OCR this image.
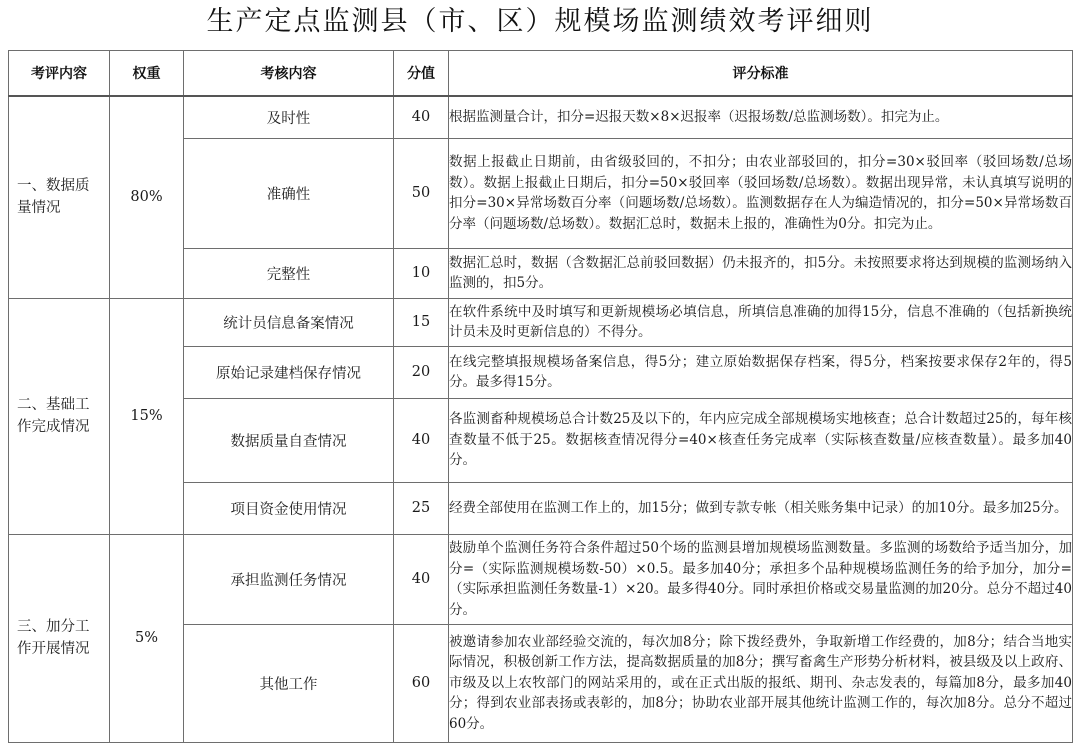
生产定点监测县（市、区）规模场监测绩效考评细则
考评内容	权重	考核内容	分值	评分标准
一、数据质量情况	80%	及时性	40	根据监测量合计，扣分=迟报天数×8×迟报率（迟报场数/总监测场数）。扣完为止。
		准确性	50	数据上报截止日期前，由省级驳回的，不扣分；由农业部驳回的，扣分=30×驳回率（驳回场数/总场数）。数据上报截止日期后，扣分=50×驳回率（驳回场数/总场数）。数据出现异常，未认真填写说明的扣分=30×异常场数百分率（问题场数/总场数）。监测数据存在人为编造情况的，扣分=50×异常场数百分率（问题场数/总场数）。数据汇总时，数据未上报的，准确性为0分。扣完为止。
		完整性	10	数据汇总时，数据（含数据汇总前驳回数据）仍未报齐的，扣5分。未按照要求将达到规模的监测场纳入监测的，扣5分。
二、基础工作完成情况	15%	统计员信息备案情况	15	在软件系统中及时填写和更新规模场必填信息，所填信息准确的加得15分，信息不准确的（包括新换统计员未及时更新信息的）不得分。
		原始记录建档保存情况	20	在线完整填报规模场备案信息，得5分；建立原始数据保存档案，得5分，档案按要求保存2年的，得5分。最多得15分。
		数据质量自查情况	40	各监测畜种规模场总合计数25及以下的，年内应完成全部规模场实地核查；总合计数超过25的，每年核查数量不低于25。数据核查情况得分=40×核查任务完成率（实际核查数量/应核查数量）。最多加40分。
		项目资金使用情况	25	经费全部使用在监测工作上的，加15分；做到专款专帐（相关账务集中记录）的加10分。最多加25分。
三、加分工作开展情况	5%	承担监测任务情况	40	鼓励单个监测任务符合条件超过50个场的监测县增加规模场监测数量。多监测的场数给予适当加分，加分=（实际监测规模场数-50）×0.5。最多加40分；承担多个品种规模场监测任务的给予加分，加分=（实际承担监测任务数量-1）×20。最多得40分。同时承担价格或交易量监测的加20分。总分不超过40分。
		其他工作	60	被邀请参加农业部经验交流的，每次加8分；除下拨经费外，争取新增工作经费的，加8分；结合当地实际情况，积极创新工作方法，提高数据质量的加8分；撰写畜禽生产形势分析材料，被县级及以上政府、市级及以上农牧部门的网站采用的，或在正式出版的报纸、期刊、杂志发表的，每篇加8分，最多加40分；得到农业部表扬或表彰的，加8分；协助农业部开展其他统计监测工作的，每次加8分。总分不超过60分。
